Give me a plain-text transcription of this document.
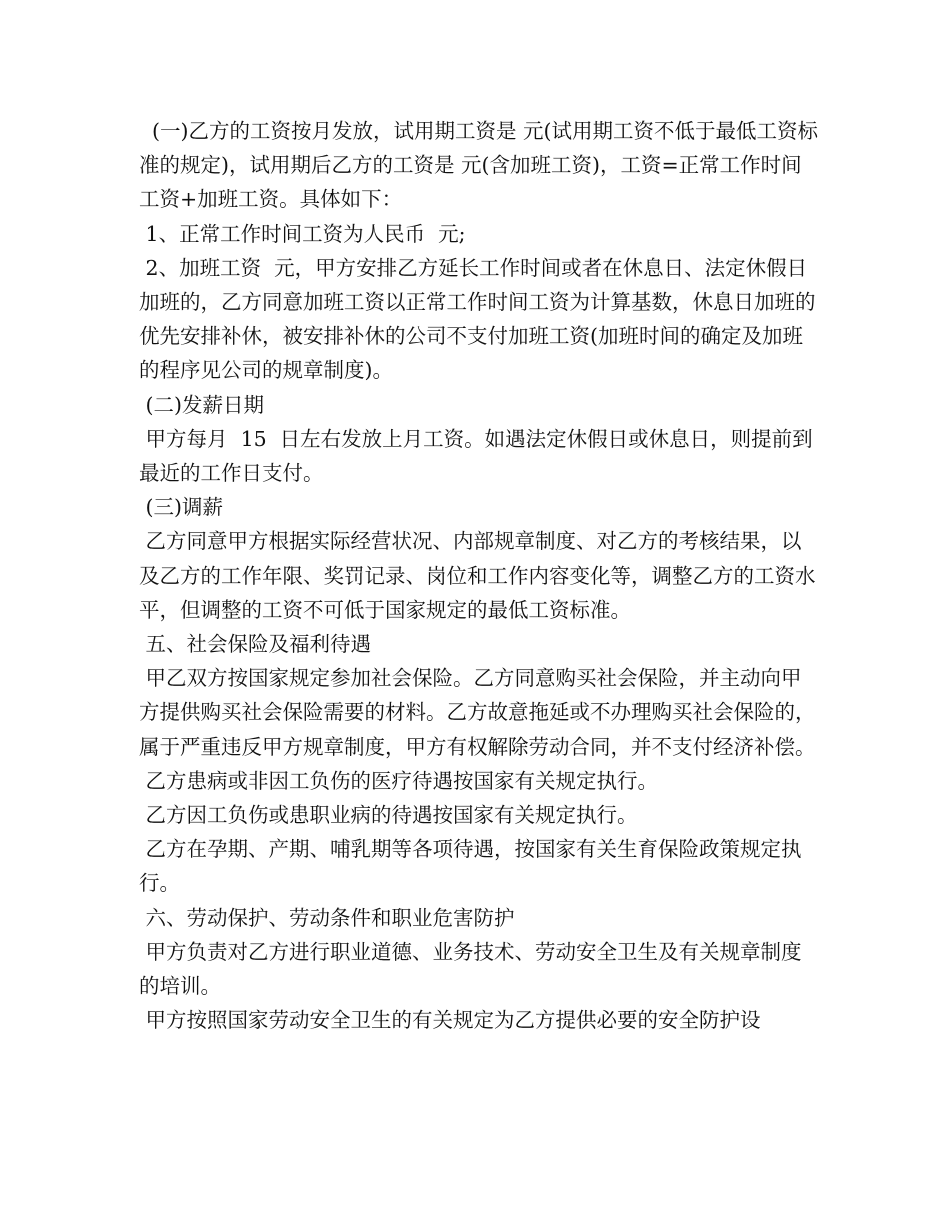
(一)乙方的工资按月发放，试用期工资是 元(试用期工资不低于最低工资标准的规定)，试用期后乙方的工资是 元(含加班工资)，工资=正常工作时间工资+加班工资。具体如下：

1、正常工作时间工资为人民币  元;

2、加班工资  元，甲方安排乙方延长工作时间或者在休息日、法定休假日加班的，乙方同意加班工资以正常工作时间工资为计算基数，休息日加班的优先安排补休，被安排补休的公司不支付加班工资(加班时间的确定及加班的程序见公司的规章制度)。

(二)发薪日期

甲方每月  15  日左右发放上月工资。如遇法定休假日或休息日，则提前到最近的工作日支付。

(三)调薪

乙方同意甲方根据实际经营状况、内部规章制度、对乙方的考核结果，以及乙方的工作年限、奖罚记录、岗位和工作内容变化等，调整乙方的工资水平，但调整的工资不可低于国家规定的最低工资标准。

五、社会保险及福利待遇

甲乙双方按国家规定参加社会保险。乙方同意购买社会保险，并主动向甲方提供购买社会保险需要的材料。乙方故意拖延或不办理购买社会保险的，属于严重违反甲方规章制度，甲方有权解除劳动合同，并不支付经济补偿。

乙方患病或非因工负伤的医疗待遇按国家有关规定执行。

乙方因工负伤或患职业病的待遇按国家有关规定执行。

乙方在孕期、产期、哺乳期等各项待遇，按国家有关生育保险政策规定执行。

六、劳动保护、劳动条件和职业危害防护

甲方负责对乙方进行职业道德、业务技术、劳动安全卫生及有关规章制度的培训。

甲方按照国家劳动安全卫生的有关规定为乙方提供必要的安全防护设
